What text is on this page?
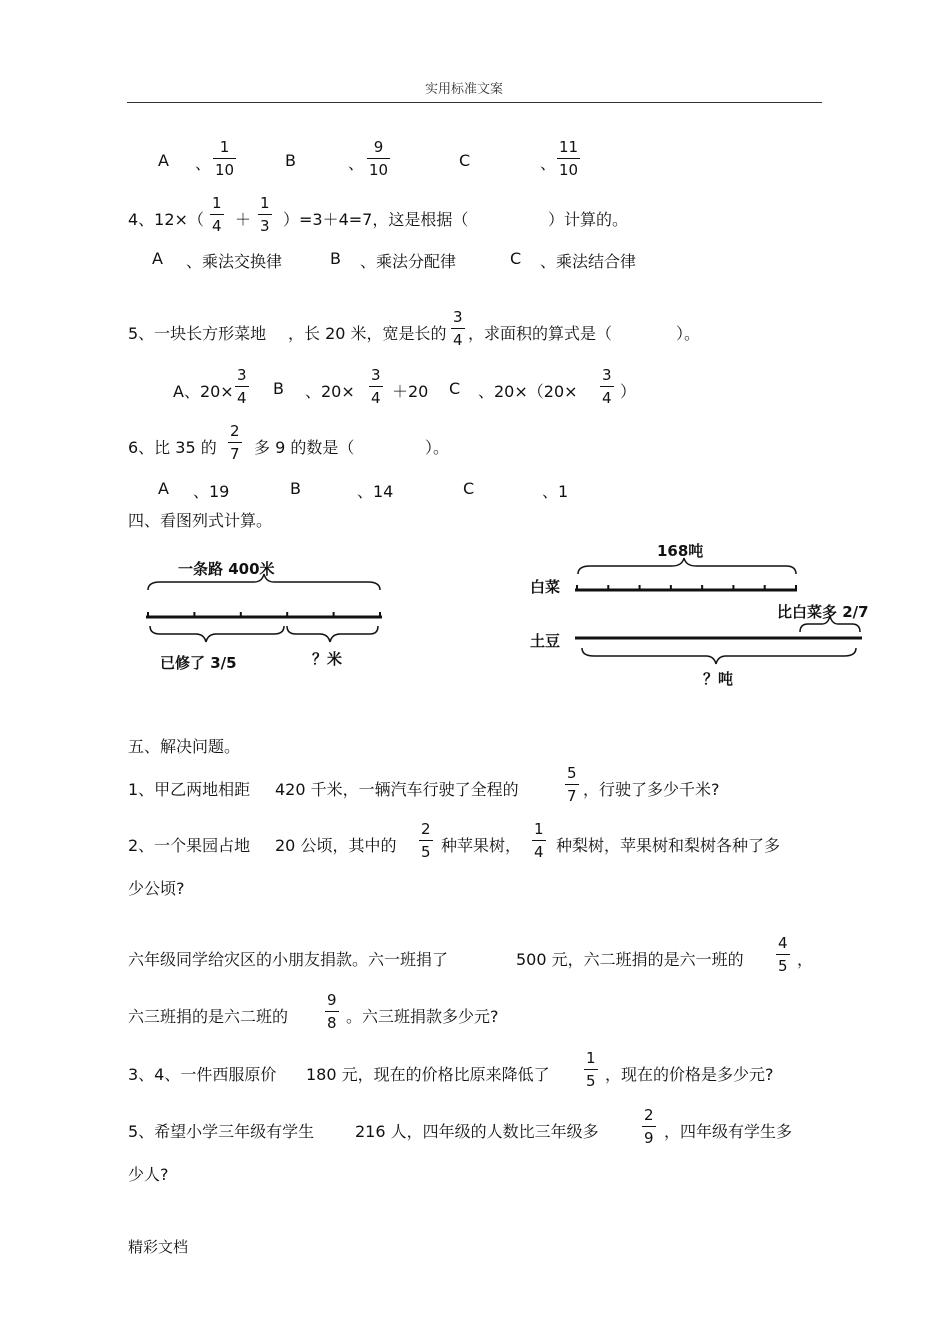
实用标准文案
A 、
1
10	B	、
9
10	C	、
11
10
4、12×（
1
4 ＋
1
3 ）=3＋4=7，这是根据（	）计算的。
A 、乘法交换律	B 、乘法分配律	C 、乘法结合律
5、一块长方形菜地 ，长 20 米，宽是长的
3
4 ，求面积的算式是（	）。
A、20×
3
4 B 、20×
3
4 ＋20 C 、20×（20×
3
4 ）
6、比 35 的
2
7 多 9 的数是（	）。
A 、19	B	、14	C	、1
四、看图列式计算。
一条路 400米
已修了 3/5	？米
168吨
白菜
比白菜多 2/7
土豆
？吨
五、解决问题。
1、甲乙两地相距 420 千米，一辆汽车行驶了全程的
5
7 ，行驶了多少千米?
2、一个果园占地 20 公顷，其中的
2
5 种苹果树，
1
4 种梨树，苹果树和梨树各种了多
少公顷?
六年级同学给灾区的小朋友捐款。六一班捐了	500 元，六二班捐的是六一班的
4
5 ，
六三班捐的是六二班的
9
8 。六三班捐款多少元?
3、4、一件西服原价 180 元，现在的价格比原来降低了
1
5 ，现在的价格是多少元?
5、希望小学三年级有学生	216 人，四年级的人数比三年级多
2
9 ，四年级有学生多
少人?
精彩文档
